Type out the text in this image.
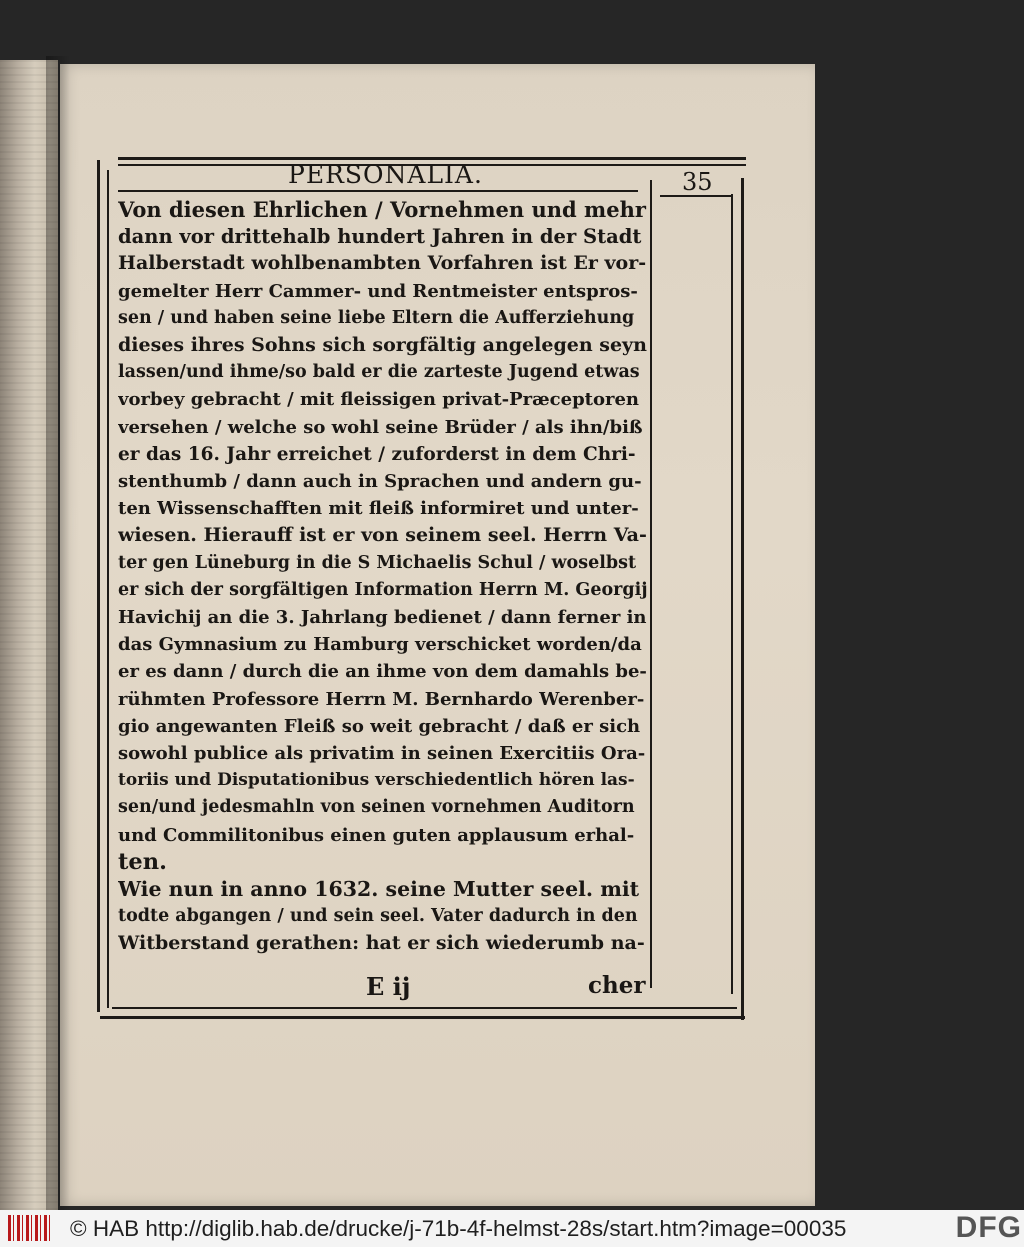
PERSONALIA.	35
Von diesen Ehrlichen / Vornehmen und mehr
dann vor drittehalb hundert Jahren in der Stadt
Halberstadt wohlbenambten Vorfahren ist Er vor-
gemelter Herr Cammer- und Rentmeister entspros-
sen / und haben seine liebe Eltern die Aufferziehung
dieses ihres Sohns sich sorgfältig angelegen seyn
lassen/und ihme/so bald er die zarteste Jugend etwas
vorbey gebracht / mit fleissigen privat-Præceptoren
versehen / welche so wohl seine Brüder / als ihn/biß
er das 16. Jahr erreichet / zuforderst in dem Chri-
stenthumb / dann auch in Sprachen und andern gu-
ten Wissenschafften mit fleiß informiret und unter-
wiesen. Hierauff ist er von seinem seel. Herrn Va-
ter gen Lüneburg in die S Michaelis Schul / woselbst
er sich der sorgfältigen Information Herrn M. Georgij
Havichij an die 3. Jahrlang bedienet / dann ferner in
das Gymnasium zu Hamburg verschicket worden/da
er es dann / durch die an ihme von dem damahls be-
rühmten Professore Herrn M. Bernhardo Werenber-
gio angewanten Fleiß so weit gebracht / daß er sich
sowohl publice als privatim in seinen Exercitiis Ora-
toriis und Disputationibus verschiedentlich hören las-
sen/und jedesmahln von seinen vornehmen Auditorn
und Commilitonibus einen guten applausum erhal-
ten.
Wie nun in anno 1632. seine Mutter seel. mit
todte abgangen / und sein seel. Vater dadurch in den
Witberstand gerathen: hat er sich wiederumb na-
E ij	cher
© HAB http://diglib.hab.de/drucke/j-71b-4f-helmst-28s/start.htm?image=00035	DFG
